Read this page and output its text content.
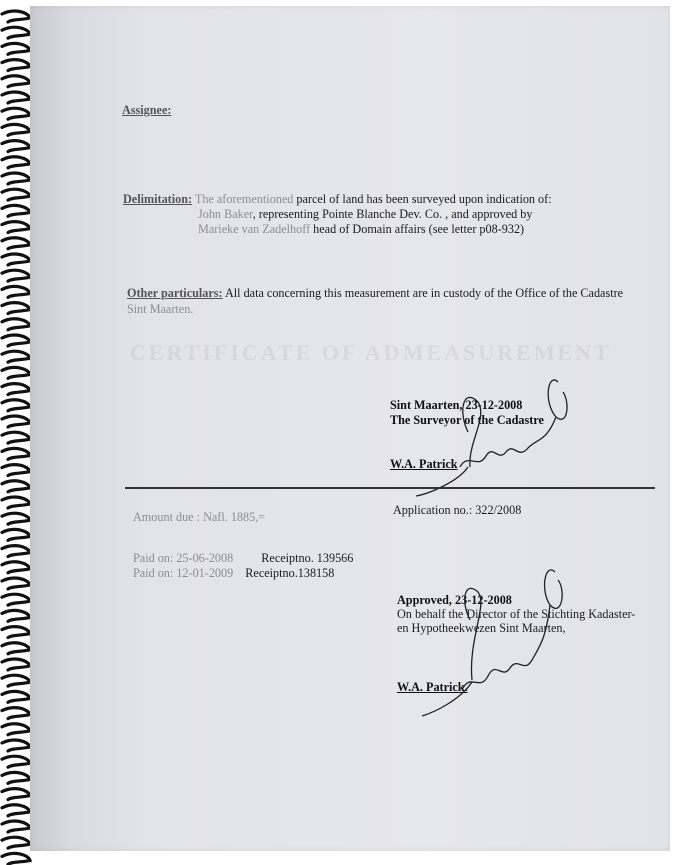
CERTIFICATE OF ADMEASUREMENT
Assignee:
Delimitation: The aforementioned parcel of land has been surveyed upon indication of:
John Baker, representing Pointe Blanche Dev. Co. , and approved by
Marieke van Zadelhoff head of Domain affairs (see letter p08-932)
Other particulars: All data concerning this measurement are in custody of the Office of the Cadastre
Sint Maarten.
Sint Maarten, 23-12-2008
The Surveyor of the Cadastre
W.A. Patrick
Amount due : Nafl. 1885,=	Application no.: 322/2008
Paid on: 25-06-2008 Receiptno. 139566
Paid on: 12-01-2009 Receiptno.138158
Approved, 23-12-2008
On behalf the Director of the Stichting Kadaster-
en Hypotheekwezen Sint Maarten,
W.A. Patrick.
